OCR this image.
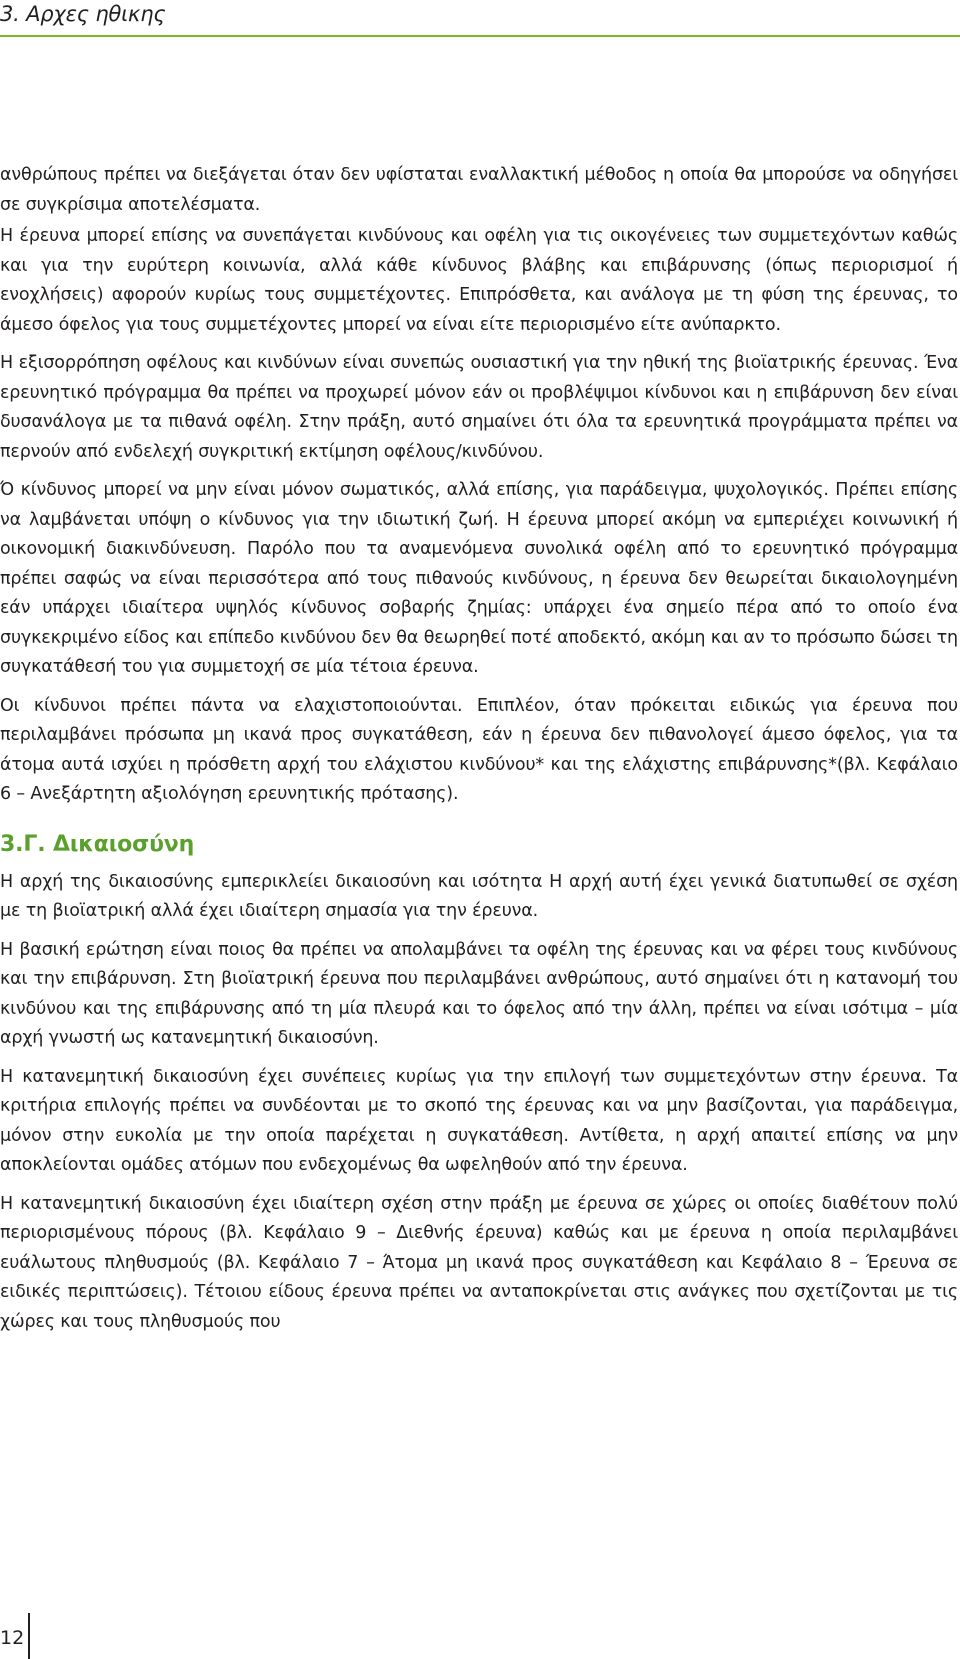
3. Αρχες ηθικης

ανθρώπους πρέπει να διεξάγεται όταν δεν υφίσταται εναλλακτική μέθοδος η οποία θα μπορούσε να οδηγήσει σε συγκρίσιμα αποτελέσματα.

Η έρευνα μπορεί επίσης να συνεπάγεται κινδύνους και οφέλη για τις οικογένειες των συμμετεχόντων καθώς και για την ευρύτερη κοινωνία, αλλά κάθε κίνδυνος βλάβης και επιβάρυνσης (όπως περιορισμοί ή ενοχλήσεις) αφορούν κυρίως τους συμμετέχοντες. Επιπρόσθετα, και ανάλογα με τη φύση της έρευνας, το άμεσο όφελος για τους συμμετέχοντες μπορεί να είναι είτε περιορισμένο είτε ανύπαρκτο.

Η εξισορρόπηση οφέλους και κινδύνων είναι συνεπώς ουσιαστική για την ηθική της βιοϊατρικής έρευνας. Ένα ερευνητικό πρόγραμμα θα πρέπει να προχωρεί μόνον εάν οι προβλέψιμοι κίνδυνοι και η επιβάρυνση δεν είναι δυσανάλογα με τα πιθανά οφέλη. Στην πράξη, αυτό σημαίνει ότι όλα τα ερευνητικά προγράμματα πρέπει να περνούν από ενδελεχή συγκριτική εκτίμηση οφέλους/κινδύνου.

Ό κίνδυνος μπορεί να μην είναι μόνον σωματικός, αλλά επίσης, για παράδειγμα, ψυχολογικός. Πρέπει επίσης να λαμβάνεται υπόψη ο κίνδυνος για την ιδιωτική ζωή. Η έρευνα μπορεί ακόμη να εμπεριέχει κοινωνική ή οικονομική διακινδύνευση. Παρόλο που τα αναμενόμενα συνολικά οφέλη από το ερευνητικό πρόγραμμα πρέπει σαφώς να είναι περισσότερα από τους πιθανούς κινδύνους, η έρευνα δεν θεωρείται δικαιολογημένη εάν υπάρχει ιδιαίτερα υψηλός κίνδυνος σοβαρής ζημίας: υπάρχει ένα σημείο πέρα από το οποίο ένα συγκεκριμένο είδος και επίπεδο κινδύνου δεν θα θεωρηθεί ποτέ αποδεκτό, ακόμη και αν το πρόσωπο δώσει τη συγκατάθεσή του για συμμετοχή σε μία τέτοια έρευνα.

Οι κίνδυνοι πρέπει πάντα να ελαχιστοποιούνται. Επιπλέον, όταν πρόκειται ειδικώς για έρευνα που περιλαμβάνει πρόσωπα μη ικανά προς συγκατάθεση, εάν η έρευνα δεν πιθανολογεί άμεσο όφελος, για τα άτομα αυτά ισχύει η πρόσθετη αρχή του ελάχιστου κινδύνου* και της ελάχιστης επιβάρυνσης*(βλ. Κεφάλαιο 6 – Ανεξάρτητη αξιολόγηση ερευνητικής πρότασης).

3.Γ. Δικαιοσύνη

Η αρχή της δικαιοσύνης εμπερικλείει δικαιοσύνη και ισότητα Η αρχή αυτή έχει γενικά διατυπωθεί σε σχέση με τη βιοϊατρική αλλά έχει ιδιαίτερη σημασία για την έρευνα.

Η βασική ερώτηση είναι ποιος θα πρέπει να απολαμβάνει τα οφέλη της έρευνας και να φέρει τους κινδύνους και την επιβάρυνση. Στη βιοϊατρική έρευνα που περιλαμβάνει ανθρώπους, αυτό σημαίνει ότι η κατανομή του κινδύνου και της επιβάρυνσης από τη μία πλευρά και το όφελος από την άλλη, πρέπει να είναι ισότιμα – μία αρχή γνωστή ως κατανεμητική δικαιοσύνη.

Η κατανεμητική δικαιοσύνη έχει συνέπειες κυρίως για την επιλογή των συμμετεχόντων στην έρευνα. Τα κριτήρια επιλογής πρέπει να συνδέονται με το σκοπό της έρευνας και να μην βασίζονται, για παράδειγμα, μόνον στην ευκολία με την οποία παρέχεται η συγκατάθεση. Αντίθετα, η αρχή απαιτεί επίσης να μην αποκλείονται ομάδες ατόμων που ενδεχομένως θα ωφεληθούν από την έρευνα.

Η κατανεμητική δικαιοσύνη έχει ιδιαίτερη σχέση στην πράξη με έρευνα σε χώρες οι οποίες διαθέτουν πολύ περιορισμένους πόρους (βλ. Κεφάλαιο 9 – Διεθνής έρευνα) καθώς και με έρευνα η οποία περιλαμβάνει ευάλωτους πληθυσμούς (βλ. Κεφάλαιο 7 – Άτομα μη ικανά προς συγκατάθεση και Κεφάλαιο 8 – Έρευνα σε ειδικές περιπτώσεις). Τέτοιου είδους έρευνα πρέπει να ανταποκρίνεται στις ανάγκες που σχετίζονται με τις χώρες και τους πληθυσμούς που

12
